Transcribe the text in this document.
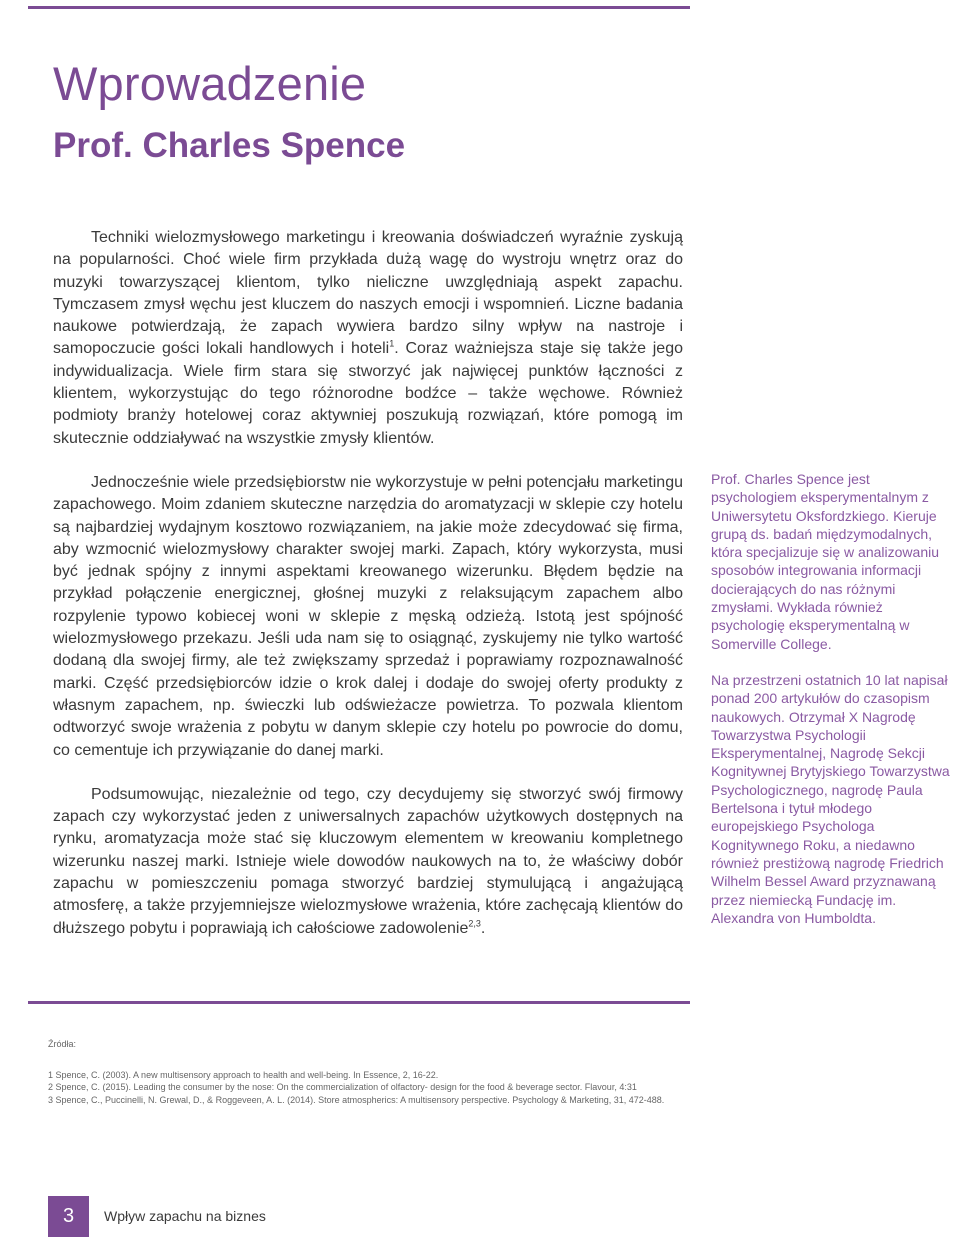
Wprowadzenie
Prof. Charles Spence

Techniki wielozmysłowego marketingu i kreowania doświadczeń wyraźnie zyskują na popularności. Choć wiele firm przykłada dużą wagę do wystroju wnętrz oraz do muzyki towarzyszącej klientom, tylko nieliczne uwzględniają aspekt zapachu. Tymczasem zmysł węchu jest kluczem do naszych emocji i wspomnień. Liczne badania naukowe potwierdzają, że zapach wywiera bardzo silny wpływ na nastroje i samopoczucie gości lokali handlowych i hoteli$^1$. Coraz ważniejsza staje się także jego indywidualizacja. Wiele firm stara się stworzyć jak najwięcej punktów łączności z klientem, wykorzystując do tego różnorodne bodźce – także węchowe. Również podmioty branży hotelowej coraz aktywniej poszukują rozwiązań, które pomogą im skutecznie oddziaływać na wszystkie zmysły klientów.

Jednocześnie wiele przedsiębiorstw nie wykorzystuje w pełni potencjału marketingu zapachowego. Moim zdaniem skuteczne narzędzia do aromatyzacji w sklepie czy hotelu są najbardziej wydajnym kosztowo rozwiązaniem, na jakie może zdecydować się firma, aby wzmocnić wielozmysłowy charakter swojej marki. Zapach, który wykorzysta, musi być jednak spójny z innymi aspektami kreowanego wizerunku. Błędem będzie na przykład połączenie energicznej, głośnej muzyki z relaksującym zapachem albo rozpylenie typowo kobiecej woni w sklepie z męską odzieżą. Istotą jest spójność wielozmysłowego przekazu. Jeśli uda nam się to osiągnąć, zyskujemy nie tylko wartość dodaną dla swojej firmy, ale też zwiększamy sprzedaż i poprawiamy rozpoznawalność marki. Część przedsiębiorców idzie o krok dalej i dodaje do swojej oferty produkty z własnym zapachem, np. świeczki lub odświeżacze powietrza. To pozwala klientom odtworzyć swoje wrażenia z pobytu w danym sklepie czy hotelu po powrocie do domu, co cementuje ich przywiązanie do danej marki.

Podsumowując, niezależnie od tego, czy decydujemy się stworzyć swój firmowy zapach czy wykorzystać jeden z uniwersalnych zapachów użytkowych dostępnych na rynku, aromatyzacja może stać się kluczowym elementem w kreowaniu kompletnego wizerunku naszej marki. Istnieje wiele dowodów naukowych na to, że właściwy dobór zapachu w pomieszczeniu pomaga stworzyć bardziej stymulującą i angażującą atmosferę, a także przyjemniejsze wielozmysłowe wrażenia, które zachęcają klientów do dłuższego pobytu i poprawiają ich całościowe zadowolenie$^{2,3}$.

Prof. Charles Spence jest psychologiem eksperymentalnym z Uniwersytetu Oksfordzkiego. Kieruje grupą ds. badań międzymodalnych, która specjalizuje się w analizowaniu sposobów integrowania informacji docierających do nas różnymi zmysłami. Wykłada również psychologię eksperymentalną w Somerville College.

Na przestrzeni ostatnich 10 lat napisał ponad 200 artykułów do czasopism naukowych. Otrzymał X Nagrodę Towarzystwa Psychologii Eksperymentalnej, Nagrodę Sekcji Kognitywnej Brytyjskiego Towarzystwa Psychologicznego, nagrodę Paula Bertelsona i tytuł młodego europejskiego Psychologa Kognitywnego Roku, a niedawno również prestiżową nagrodę Friedrich Wilhelm Bessel Award przyznawaną przez niemiecką Fundację im. Alexandra von Humboldta.

Źródła:

1 Spence, C. (2003). A new multisensory approach to health and well-being. In Essence, 2, 16-22.
2 Spence, C. (2015). Leading the consumer by the nose: On the commercialization of olfactory- design for the food & beverage sector. Flavour, 4:31
3 Spence, C., Puccinelli, N. Grewal, D., & Roggeveen, A. L. (2014). Store atmospherics: A multisensory perspective. Psychology & Marketing, 31, 472-488.
3	Wpływ zapachu na biznes
